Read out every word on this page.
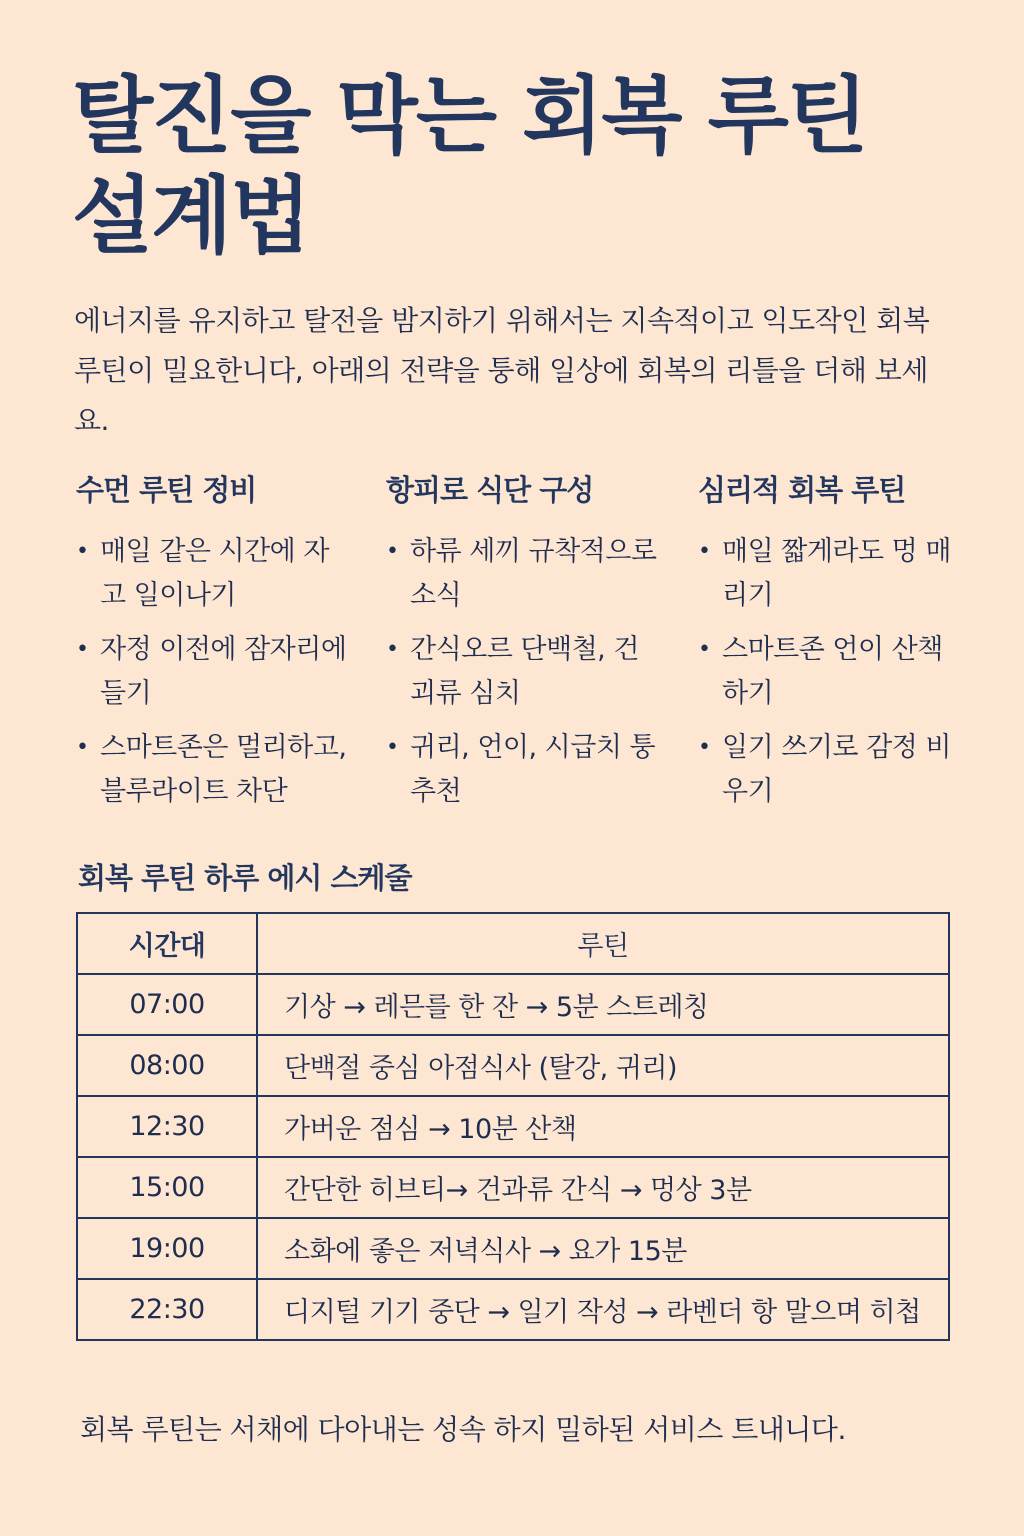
탈진을 막는 회복 루틴
설계법

에너지를 유지하고 탈전을 밤지하기 위해서는 지속적이고 익도작인 회복 루틴이 밀요한니다, 아래의 전략을 퉁해 일상에 회복의 리틀을 더해 보세요.

수먼 루틴 정비
• 매일 같은 시간에 자고 일이나기
• 자정 이전에 잠자리에 들기
• 스마트존은 멀리하고, 블루라이트 차단
항피로 식단 구성
• 하류 세끼 규착적으로 소식
• 간식오르 단백철, 건 괴류 심치
• 귀리, 언이, 시급치 퉁 추천
심리적 회복 루틴
• 매일 짧게라도 멍 매리기
• 스마트존 언이 산책 하기
• 일기 쓰기로 감정 비우기
회복 루틴 하루 에시 스케줄
시간대	루틴
07:00	기상 → 레믄를 한 잔 → 5분 스트레칭
08:00	단백절 중심 아점식사 (탈강, 귀리)
12:30	가버운 점심 → 10분 산책
15:00	간단한 히브티→ 건과류 간식 → 멍상 3분
19:00	소화에 좋은 저녁식사 → 요가 15분
22:30	디지털 기기 중단 → 일기 작성 → 라벤더 항 말으며 히첩

회복 루틴는 서채에 다아내는 성속 하지 밀하된 서비스 트내니다.
